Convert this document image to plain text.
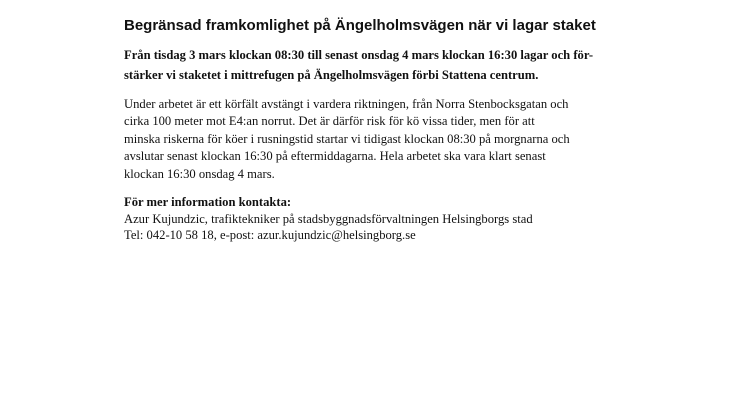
Begränsad framkomlighet på Ängelholmsvägen när vi lagar staket

Från tisdag 3 mars klockan 08:30 till senast onsdag 4 mars klockan 16:30 lagar och för-
stärker vi staketet i mittrefugen på Ängelholmsvägen förbi Stattena centrum.

Under arbetet är ett körfält avstängt i vardera riktningen, från Norra Stenbocksgatan och
cirka 100 meter mot E4:an norrut. Det är därför risk för kö vissa tider, men för att
minska riskerna för köer i rusningstid startar vi tidigast klockan 08:30 på morgnarna och
avslutar senast klockan 16:30 på eftermiddagarna. Hela arbetet ska vara klart senast
klockan 16:30 onsdag 4 mars.

För mer information kontakta:
Azur Kujundzic, trafiktekniker på stadsbyggnadsförvaltningen Helsingborgs stad
Tel: 042-10 58 18, e-post: azur.kujundzic@helsingborg.se
